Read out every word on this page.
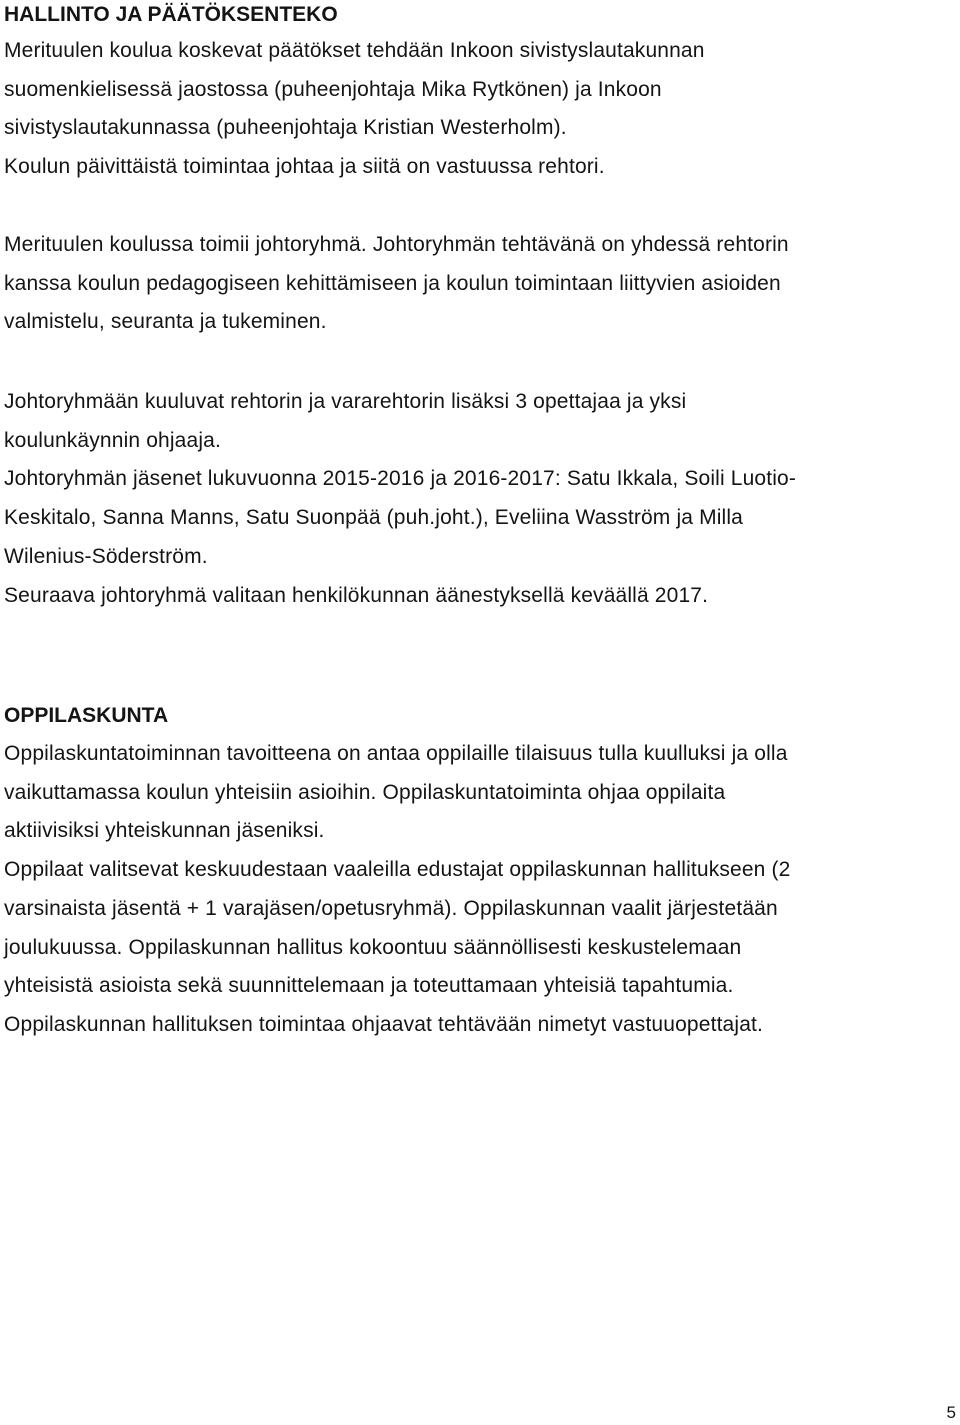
HALLINTO JA PÄÄTÖKSENTEKO
Merituulen koulua koskevat päätökset tehdään Inkoon sivistyslautakunnan
suomenkielisessä jaostossa (puheenjohtaja Mika Rytkönen) ja Inkoon
sivistyslautakunnassa (puheenjohtaja Kristian Westerholm).
Koulun päivittäistä toimintaa johtaa ja siitä on vastuussa rehtori.
Merituulen koulussa toimii johtoryhmä. Johtoryhmän tehtävänä on yhdessä rehtorin
kanssa koulun pedagogiseen kehittämiseen ja koulun toimintaan liittyvien asioiden
valmistelu, seuranta ja tukeminen.
Johtoryhmään kuuluvat rehtorin ja vararehtorin lisäksi 3 opettajaa ja yksi
koulunkäynnin ohjaaja.
Johtoryhmän jäsenet lukuvuonna 2015-2016 ja 2016-2017: Satu Ikkala, Soili Luotio-
Keskitalo, Sanna Manns, Satu Suonpää (puh.joht.), Eveliina Wasström ja Milla
Wilenius-Söderström.
Seuraava johtoryhmä valitaan henkilökunnan äänestyksellä keväällä 2017.
OPPILASKUNTA
Oppilaskuntatoiminnan tavoitteena on antaa oppilaille tilaisuus tulla kuulluksi ja olla
vaikuttamassa koulun yhteisiin asioihin. Oppilaskuntatoiminta ohjaa oppilaita
aktiivisiksi yhteiskunnan jäseniksi.
Oppilaat valitsevat keskuudestaan vaaleilla edustajat oppilaskunnan hallitukseen (2
varsinaista jäsentä + 1 varajäsen/opetusryhmä). Oppilaskunnan vaalit järjestetään
joulukuussa. Oppilaskunnan hallitus kokoontuu säännöllisesti keskustelemaan
yhteisistä asioista sekä suunnittelemaan ja toteuttamaan yhteisiä tapahtumia.
Oppilaskunnan hallituksen toimintaa ohjaavat tehtävään nimetyt vastuuopettajat.
5
